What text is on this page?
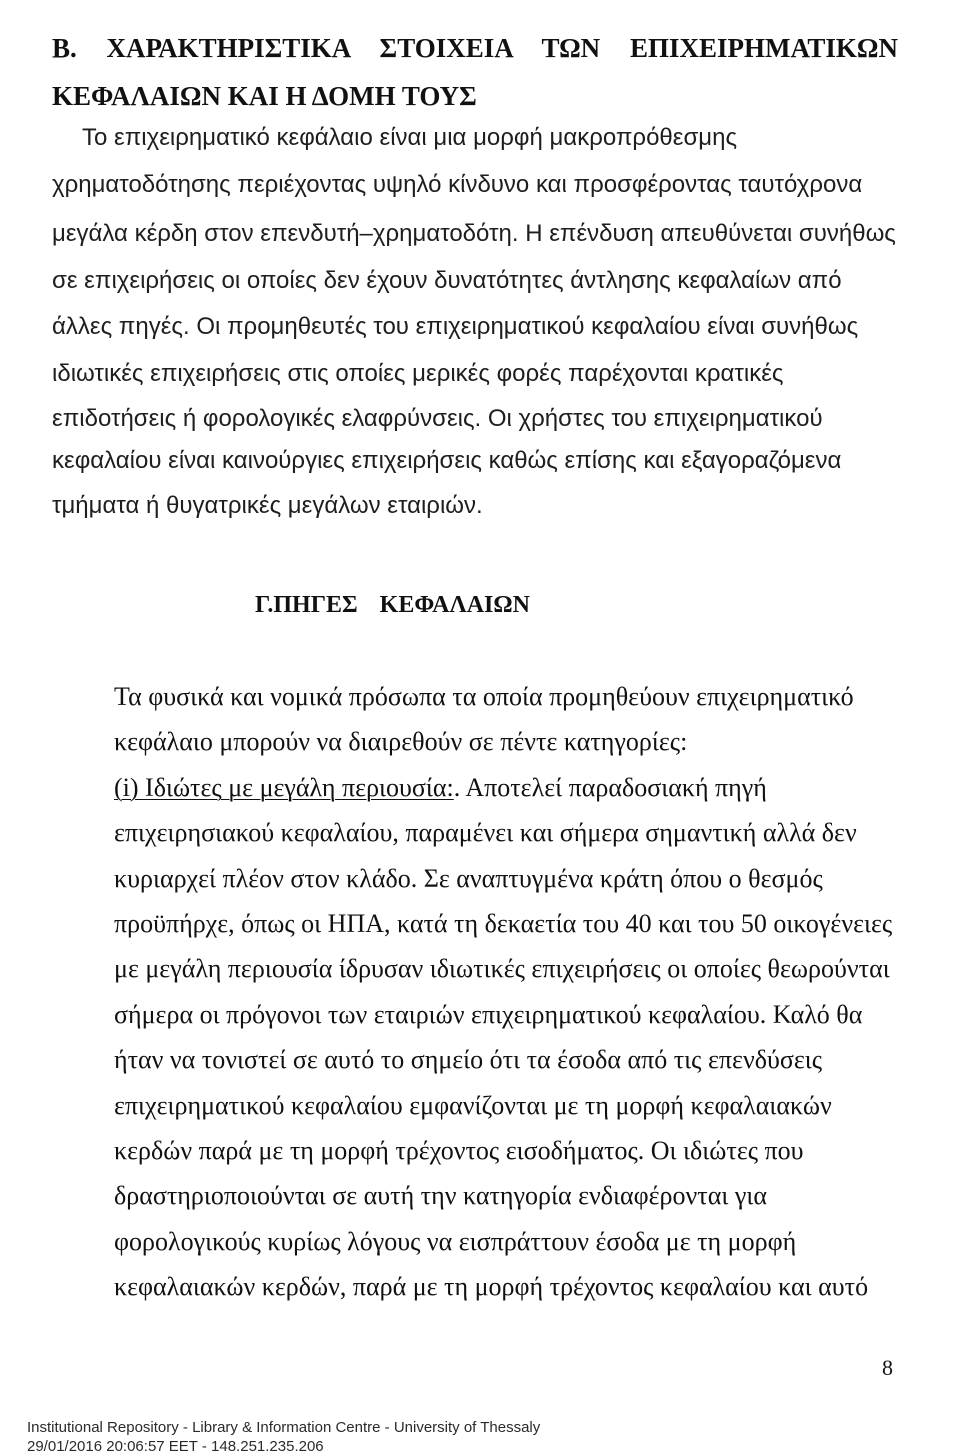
Β. ΧΑΡΑΚΤΗΡΙΣΤΙΚΑ ΣΤΟΙΧΕΙΑ ΤΩΝ ΕΠΙΧΕΙΡΗΜΑΤΙΚΩΝ
ΚΕΦΑΛΑΙΩΝ ΚΑΙ Η ΔΟΜΗ ΤΟΥΣ
Το επιχειρηματικό κεφάλαιο είναι μια μορφή μακροπρόθεσμης
χρηματοδότησης περιέχοντας υψηλό κίνδυνο και προσφέροντας ταυτόχρονα
μεγάλα κέρδη στον επενδυτή–χρηματοδότη. Η επένδυση απευθύνεται συνήθως
σε επιχειρήσεις οι οποίες δεν έχουν δυνατότητες άντλησης κεφαλαίων από
άλλες πηγές. Οι προμηθευτές του επιχειρηματικού κεφαλαίου είναι συνήθως
ιδιωτικές επιχειρήσεις στις οποίες μερικές φορές παρέχονται κρατικές
επιδοτήσεις ή φορολογικές ελαφρύνσεις. Οι χρήστες του επιχειρηματικού
κεφαλαίου είναι καινούργιες επιχειρήσεις καθώς επίσης και εξαγοραζόμενα
τμήματα ή θυγατρικές μεγάλων εταιριών.
Γ.ΠΗΓΕΣ ΚΕΦΑΛΑΙΩΝ
Τα φυσικά και νομικά πρόσωπα τα οποία προμηθεύουν επιχειρηματικό
κεφάλαιο μπορούν να διαιρεθούν σε πέντε κατηγορίες:
(i) Ιδιώτες με μεγάλη περιουσία:. Αποτελεί παραδοσιακή πηγή
επιχειρησιακού κεφαλαίου, παραμένει και σήμερα σημαντική αλλά δεν
κυριαρχεί πλέον στον κλάδο. Σε αναπτυγμένα κράτη όπου ο θεσμός
προϋπήρχε, όπως οι ΗΠΑ, κατά τη δεκαετία του 40 και του 50 οικογένειες
με μεγάλη περιουσία ίδρυσαν ιδιωτικές επιχειρήσεις οι οποίες θεωρούνται
σήμερα οι πρόγονοι των εταιριών επιχειρηματικού κεφαλαίου. Καλό θα
ήταν να τονιστεί σε αυτό το σημείο ότι τα έσοδα από τις επενδύσεις
επιχειρηματικού κεφαλαίου εμφανίζονται με τη μορφή κεφαλαιακών
κερδών παρά με τη μορφή τρέχοντος εισοδήματος. Οι ιδιώτες που
δραστηριοποιούνται σε αυτή την κατηγορία ενδιαφέρονται για
φορολογικούς κυρίως λόγους να εισπράττουν έσοδα με τη μορφή
κεφαλαιακών κερδών, παρά με τη μορφή τρέχοντος κεφαλαίου και αυτό
8
Institutional Repository - Library & Information Centre - University of Thessaly
29/01/2016 20:06:57 EET - 148.251.235.206
